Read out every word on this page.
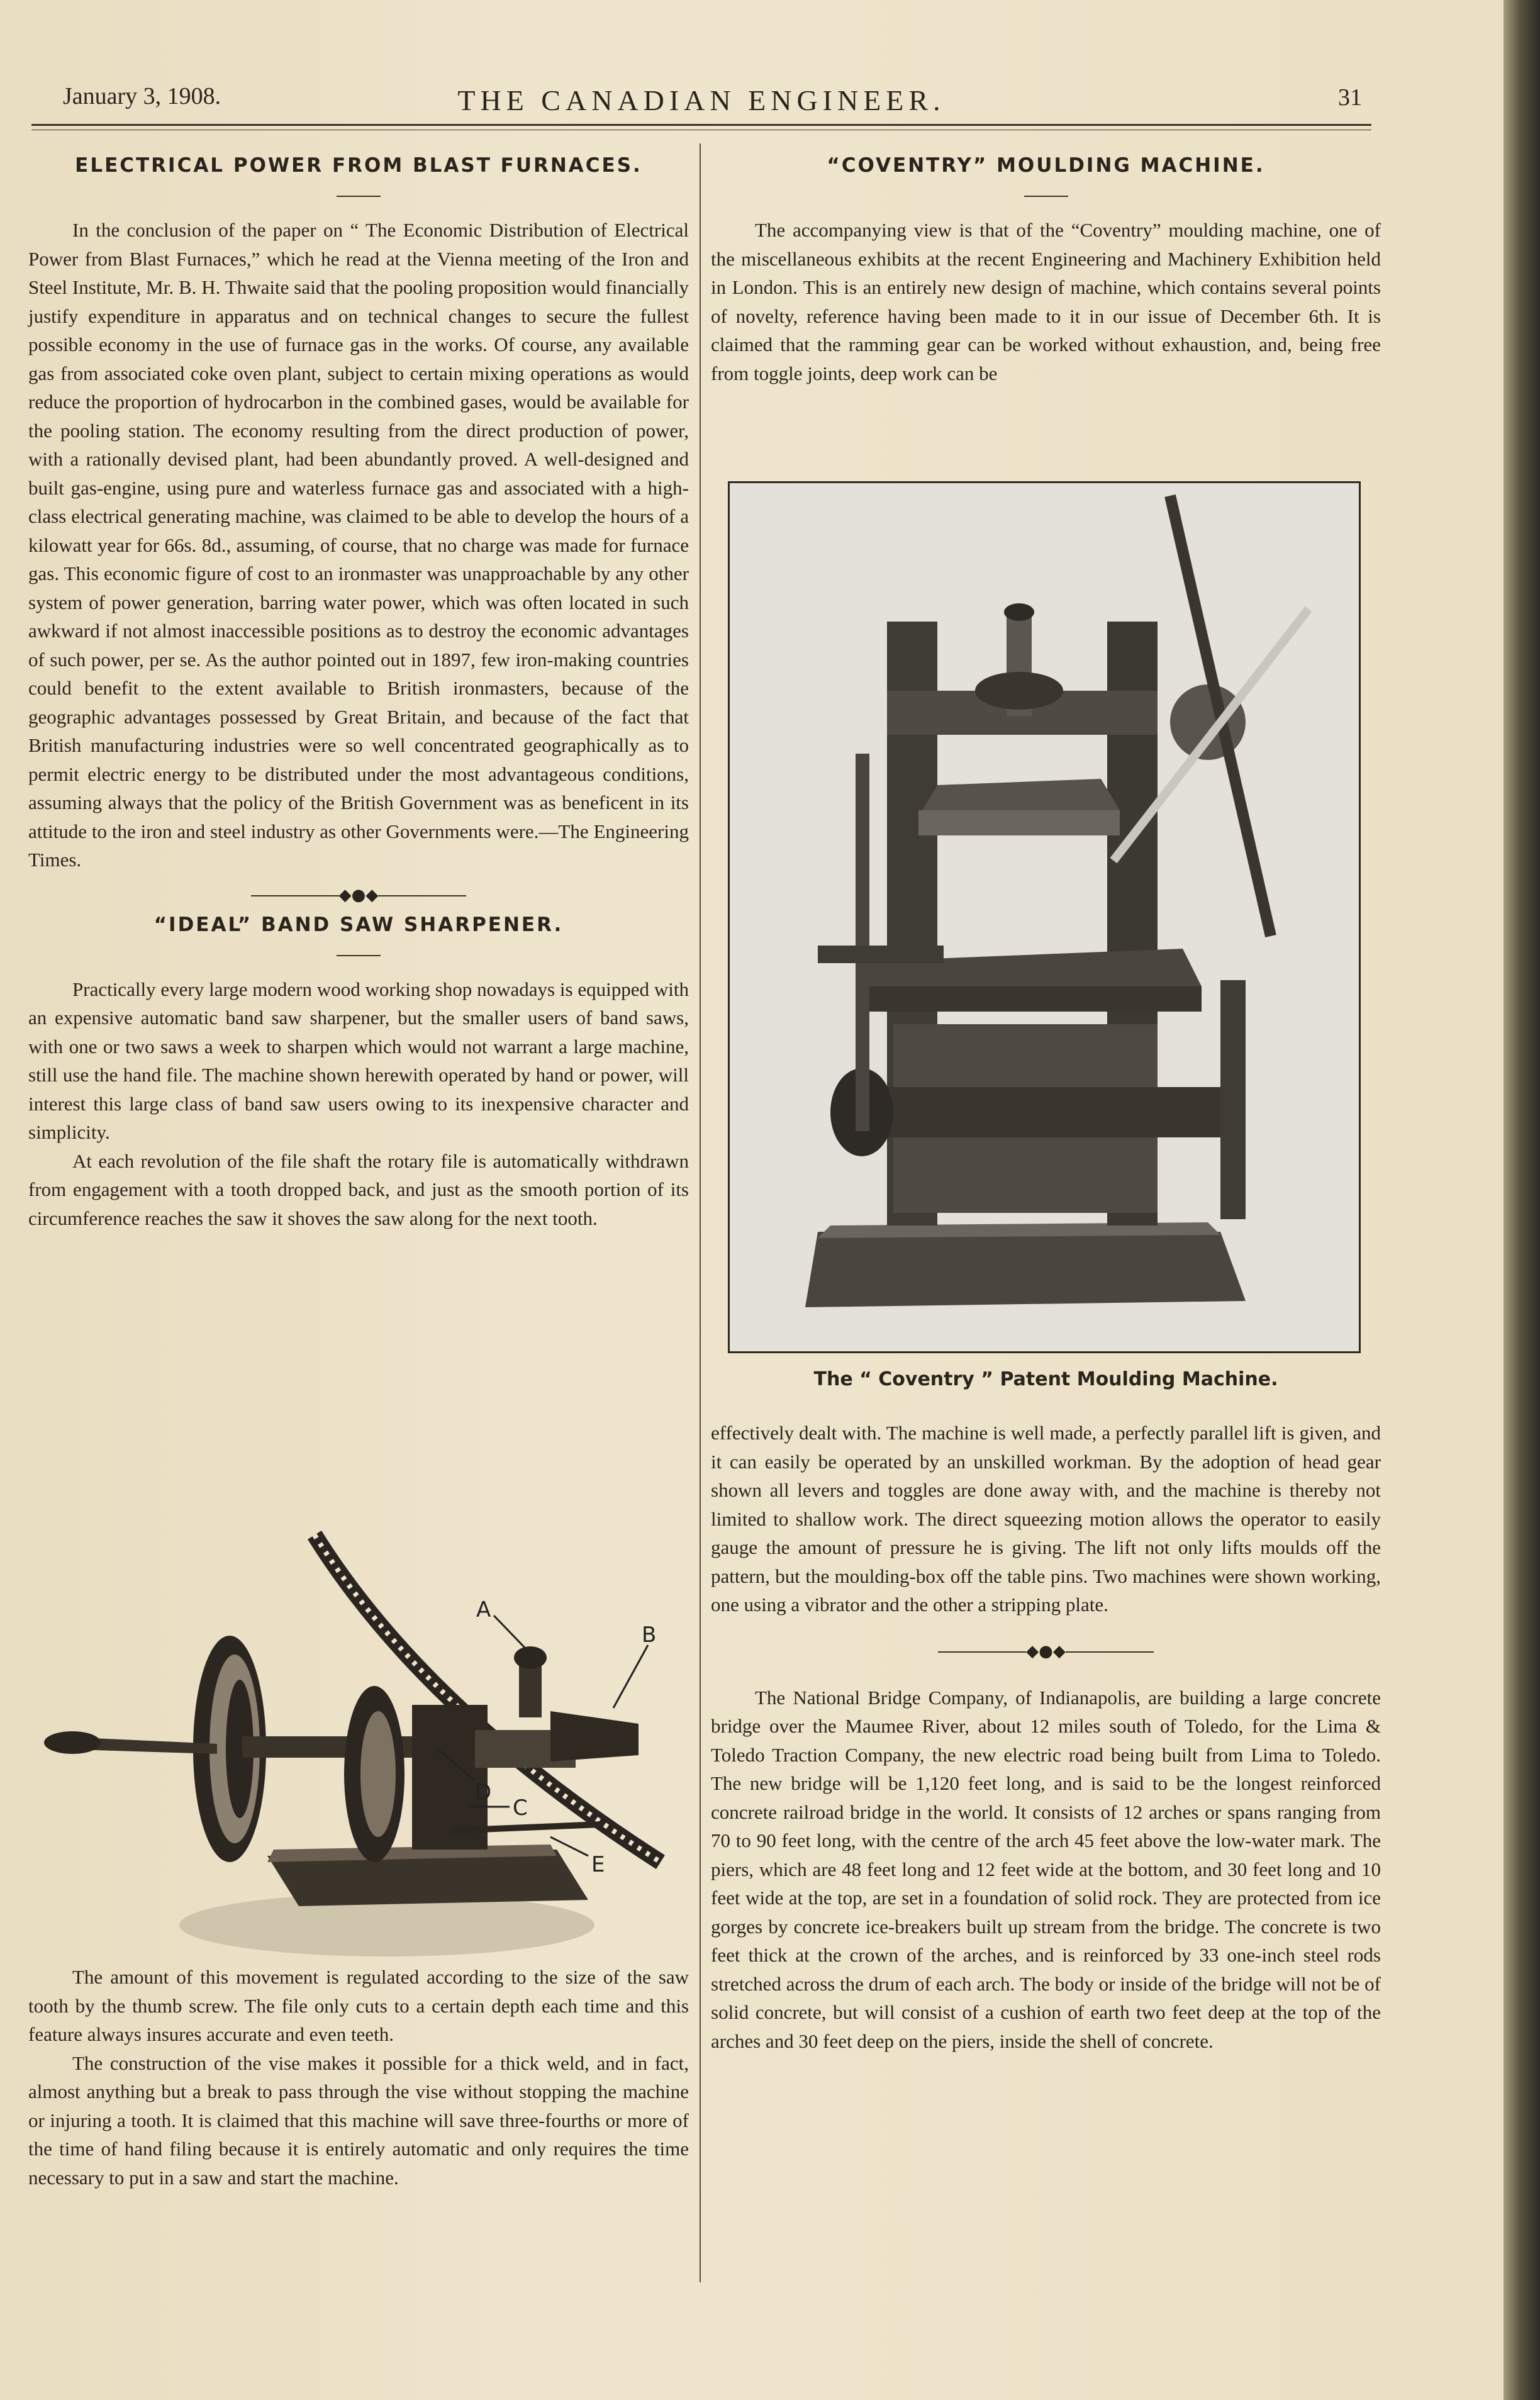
January 3, 1908.	THE CANADIAN ENGINEER.	31
ELECTRICAL POWER FROM BLAST FURNACES.

In the conclusion of the paper on “ The Economic Distribution of Electrical Power from Blast Furnaces,” which he read at the Vienna meeting of the Iron and Steel Institute, Mr. B. H. Thwaite said that the pooling proposition would financially justify expenditure in apparatus and on technical changes to secure the fullest possible economy in the use of furnace gas in the works. Of course, any available gas from associated coke oven plant, subject to certain mixing operations as would reduce the proportion of hydrocarbon in the combined gases, would be available for the pooling station. The economy resulting from the direct production of power, with a rationally devised plant, had been abundantly proved. A well-designed and built gas-engine, using pure and waterless furnace gas and associated with a high-class electrical generating machine, was claimed to be able to develop the hours of a kilowatt year for 66s. 8d., assuming, of course, that no charge was made for furnace gas. This economic figure of cost to an ironmaster was unapproachable by any other system of power generation, barring water power, which was often located in such awkward if not almost inaccessible positions as to destroy the economic advantages of such power, per se. As the author pointed out in 1897, few iron-making countries could benefit to the extent available to British ironmasters, because of the geographic advantages possessed by Great Britain, and because of the fact that British manufacturing industries were so well concentrated geographically as to permit electric energy to be distributed under the most advantageous conditions, assuming always that the policy of the British Government was as beneficent in its attitude to the iron and steel industry as other Governments were.—The Engineering Times.

◆●◆
“IDEAL” BAND SAW SHARPENER.

Practically every large modern wood working shop nowadays is equipped with an expensive automatic band saw sharpener, but the smaller users of band saws, with one or two saws a week to sharpen which would not warrant a large machine, still use the hand file. The machine shown herewith operated by hand or power, will interest this large class of band saw users owing to its inexpensive character and simplicity.

At each revolution of the file shaft the rotary file is automatically withdrawn from engagement with a tooth dropped back, and just as the smooth portion of its circumference reaches the saw it shoves the saw along for the next tooth.

A
B
C
D
E

The amount of this movement is regulated according to the size of the saw tooth by the thumb screw. The file only cuts to a certain depth each time and this feature always insures accurate and even teeth.

The construction of the vise makes it possible for a thick weld, and in fact, almost anything but a break to pass through the vise without stopping the machine or injuring a tooth. It is claimed that this machine will save three-fourths or more of the time of hand filing because it is entirely automatic and only requires the time necessary to put in a saw and start the machine.

“COVENTRY” MOULDING MACHINE.

The accompanying view is that of the “Coventry” moulding machine, one of the miscellaneous exhibits at the recent Engineering and Machinery Exhibition held in London. This is an entirely new design of machine, which contains several points of novelty, reference having been made to it in our issue of December 6th. It is claimed that the ramming gear can be worked without exhaustion, and, being free from toggle joints, deep work can be

The “ Coventry ” Patent Moulding Machine.

effectively dealt with. The machine is well made, a perfectly parallel lift is given, and it can easily be operated by an unskilled workman. By the adoption of head gear shown all levers and toggles are done away with, and the machine is thereby not limited to shallow work. The direct squeezing motion allows the operator to easily gauge the amount of pressure he is giving. The lift not only lifts moulds off the pattern, but the moulding-box off the table pins. Two machines were shown working, one using a vibrator and the other a stripping plate.

◆●◆

The National Bridge Company, of Indianapolis, are building a large concrete bridge over the Maumee River, about 12 miles south of Toledo, for the Lima & Toledo Traction Company, the new electric road being built from Lima to Toledo. The new bridge will be 1,120 feet long, and is said to be the longest reinforced concrete railroad bridge in the world. It consists of 12 arches or spans ranging from 70 to 90 feet long, with the centre of the arch 45 feet above the low-water mark. The piers, which are 48 feet long and 12 feet wide at the bottom, and 30 feet long and 10 feet wide at the top, are set in a foundation of solid rock. They are protected from ice gorges by concrete ice-breakers built up stream from the bridge. The concrete is two feet thick at the crown of the arches, and is reinforced by 33 one-inch steel rods stretched across the drum of each arch. The body or inside of the bridge will not be of solid concrete, but will consist of a cushion of earth two feet deep at the top of the arches and 30 feet deep on the piers, inside the shell of concrete.
